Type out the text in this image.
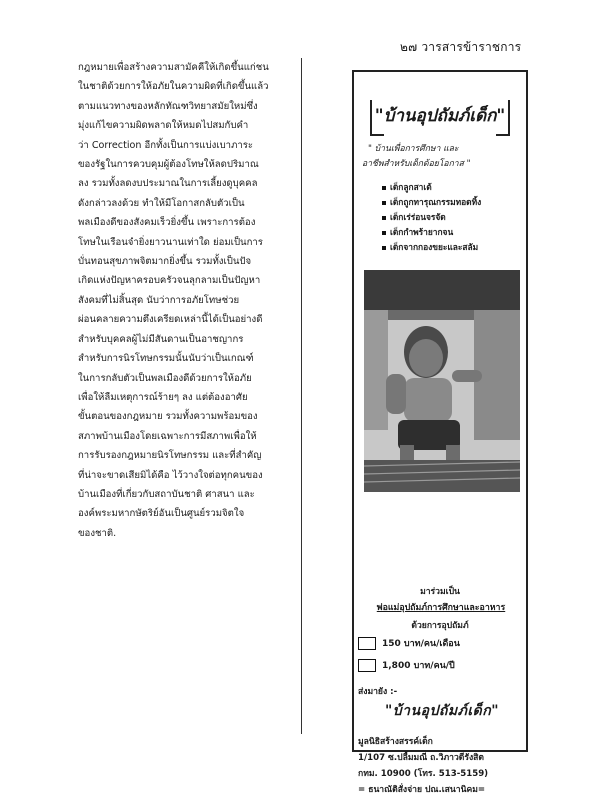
๒๗ วารสารข้าราชการ

กฎหมายเพื่อสร้างความสามัคคีให้เกิดขึ้นแก่ชน

ในชาติด้วยการให้อภัยในความผิดที่เกิดขึ้นแล้ว

ตามแนวทางของหลักทัณฑวิทยาสมัยใหม่ซึ่ง

มุ่งแก้ไขความผิดพลาดให้หมดไปสมกับคำ

ว่า Correction อีกทั้งเป็นการแบ่งเบาภาระ

ของรัฐในการควบคุมผู้ต้องโทษให้ลดปริมาณ

ลง รวมทั้งลดงบประมาณในการเลี้ยงดูบุคคล

ดังกล่าวลงด้วย ทำให้มีโอกาสกลับตัวเป็น

พลเมืองดีของสังคมเร็วยิ่งขึ้น เพราะการต้อง

โทษในเรือนจำยิ่งยาวนานเท่าใด ย่อมเป็นการ

บั่นทอนสุขภาพจิตมากยิ่งขึ้น รวมทั้งเป็นปัจ

เกิดแห่งปัญหาครอบครัวจนลุกลามเป็นปัญหา

สังคมที่ไม่สิ้นสุด นับว่าการอภัยโทษช่วย

ผ่อนคลายความตึงเครียดเหล่านี้ได้เป็นอย่างดี

สำหรับบุคคลผู้ไม่มีสันดานเป็นอาชญากร

สำหรับการนิรโทษกรรมนั้นนับว่าเป็นเกณฑ์

ในการกลับตัวเป็นพลเมืองดีด้วยการให้อภัย

เพื่อให้ลืมเหตุการณ์ร้ายๆ ลง แต่ต้องอาศัย

ขั้นตอนของกฎหมาย รวมทั้งความพร้อมของ

สภาพบ้านเมืองโดยเฉพาะการมีสภาพเพื่อให้

การรับรองกฎหมายนิรโทษกรรม และที่สำคัญ

ที่น่าจะขาดเสียมิได้คือ ไว้วางใจต่อทุกคนของ

บ้านเมืองที่เกี่ยวกับสถาบันชาติ ศาสนา และ

องค์พระมหากษัตริย์อันเป็นศูนย์รวมจิตใจ

ของชาติ.

"บ้านอุปถัมภ์เด็ก"
" บ้านเพื่อการศึกษา และ
อาชีพสำหรับเด็กด้อยโอกาส "
เด็กลูกสาเต้
เด็กถูกทารุณกรรมทอดทิ้ง
เด็กเร่ร่อนจรจัด
เด็กกำพร้ายากจน
เด็กจากกองขยะและสลัม
มาร่วมเป็น
พ่อแม่อุปถัมภ์การศึกษาและอาหาร
ด้วยการอุปถัมภ์
150 บาท/คน/เดือน
1,800 บาท/คน/ปี
ส่งมายัง :-
"บ้านอุปถัมภ์เด็ก"
มูลนิธิสร้างสรรค์เด็ก
1/107 ซ.ปลื้มมณี ถ.วิภาวดีรังสิต
กทม. 10900 (โทร. 513-5159)
= ธนาณัติสั่งจ่าย ปณ.เสนานิคม=
